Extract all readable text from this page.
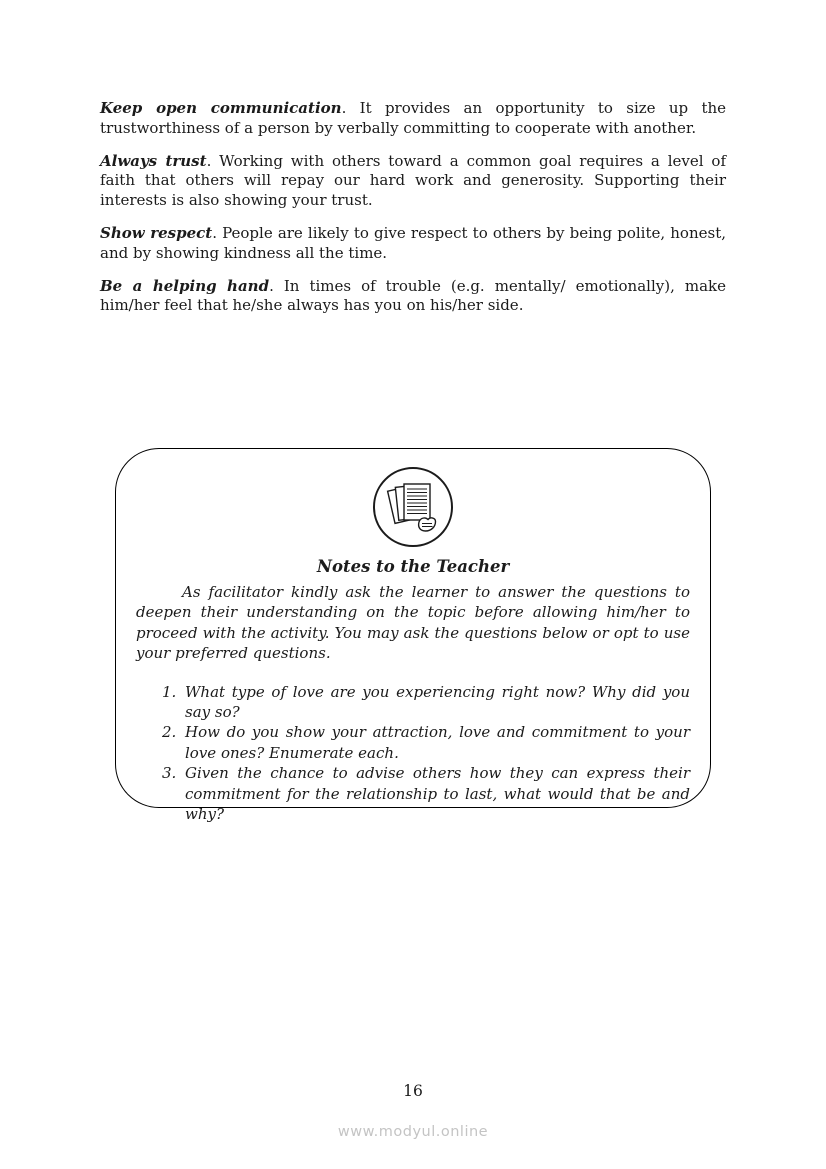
Keep open communication. It provides an opportunity to size up the trustworthiness of a person by verbally committing to cooperate with another.

Always trust. Working with others toward a common goal requires a level of faith that others will repay our hard work and generosity. Supporting their interests is also showing your trust.

Show respect. People are likely to give respect to others by being polite, honest, and by showing kindness all the time.

Be a helping hand. In times of trouble (e.g. mentally/ emotionally), make him/her feel that he/she always has you on his/her side.

Notes to the Teacher

As facilitator kindly ask the learner to answer the questions to deepen their understanding on the topic before allowing him/her to proceed with the activity. You may ask the questions below or opt to use your preferred questions.

1. What type of love are you experiencing right now? Why did you say so?
2. How do you show your attraction, love and commitment to your love ones? Enumerate each.
3. Given the chance to advise others how they can express their commitment for the relationship to last, what would that be and why?
16
www.modyul.online
